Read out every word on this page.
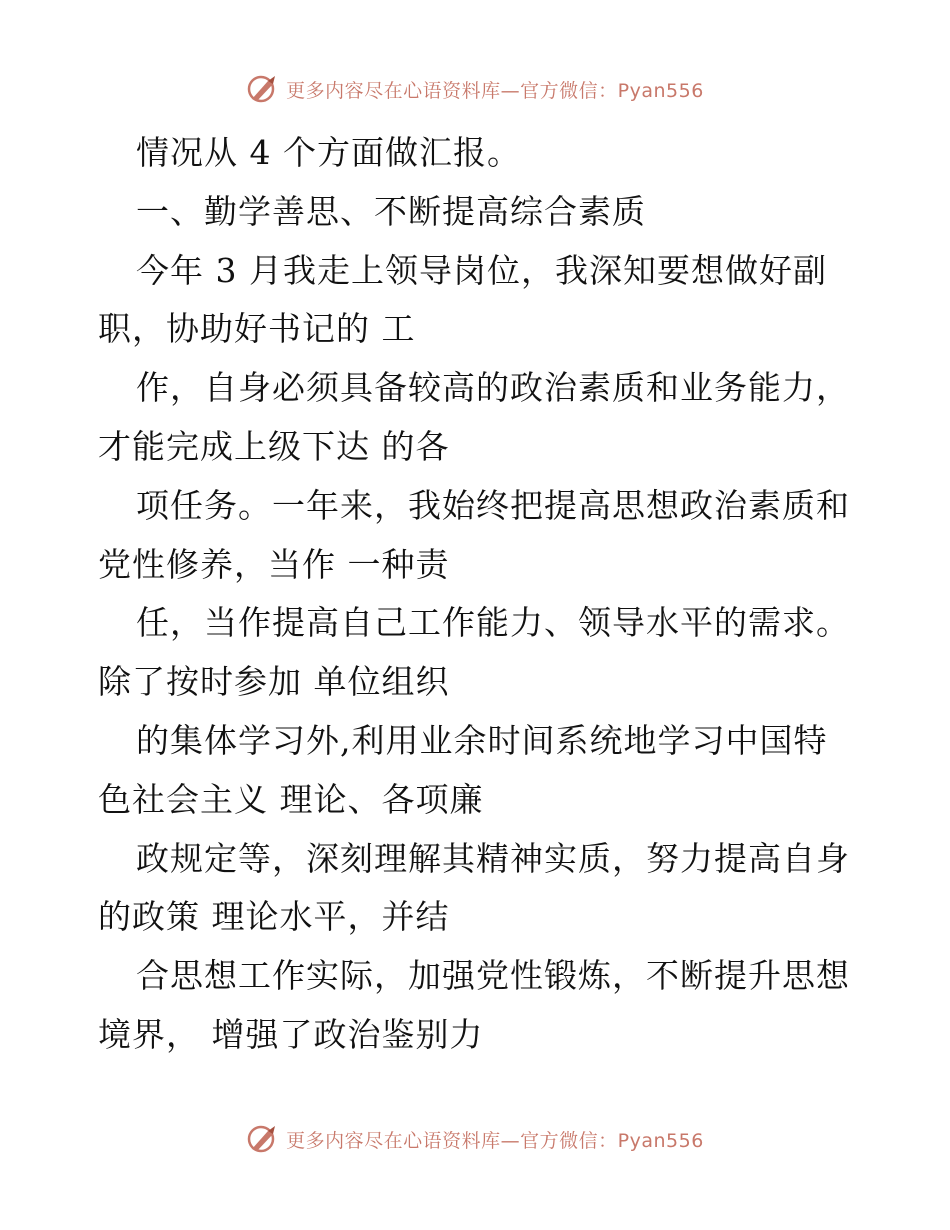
更多内容尽在心语资料库—官方微信：Pyan556
情况从 4 个方面做汇报。
一、勤学善思、不断提高综合素质
今年 3 月我走上领导岗位，我深知要想做好副
职，协助好书记的 工
作，自身必须具备较高的政治素质和业务能力，
才能完成上级下达 的各
项任务。一年来，我始终把提高思想政治素质和
党性修养，当作 一种责
任，当作提高自己工作能力、领导水平的需求。
除了按时参加 单位组织
的集体学习外,利用业余时间系统地学习中国特
色社会主义 理论、各项廉
政规定等，深刻理解其精神实质，努力提高自身
的政策 理论水平，并结
合思想工作实际，加强党性锻炼，不断提升思想
境界， 增强了政治鉴别力
更多内容尽在心语资料库—官方微信：Pyan556
